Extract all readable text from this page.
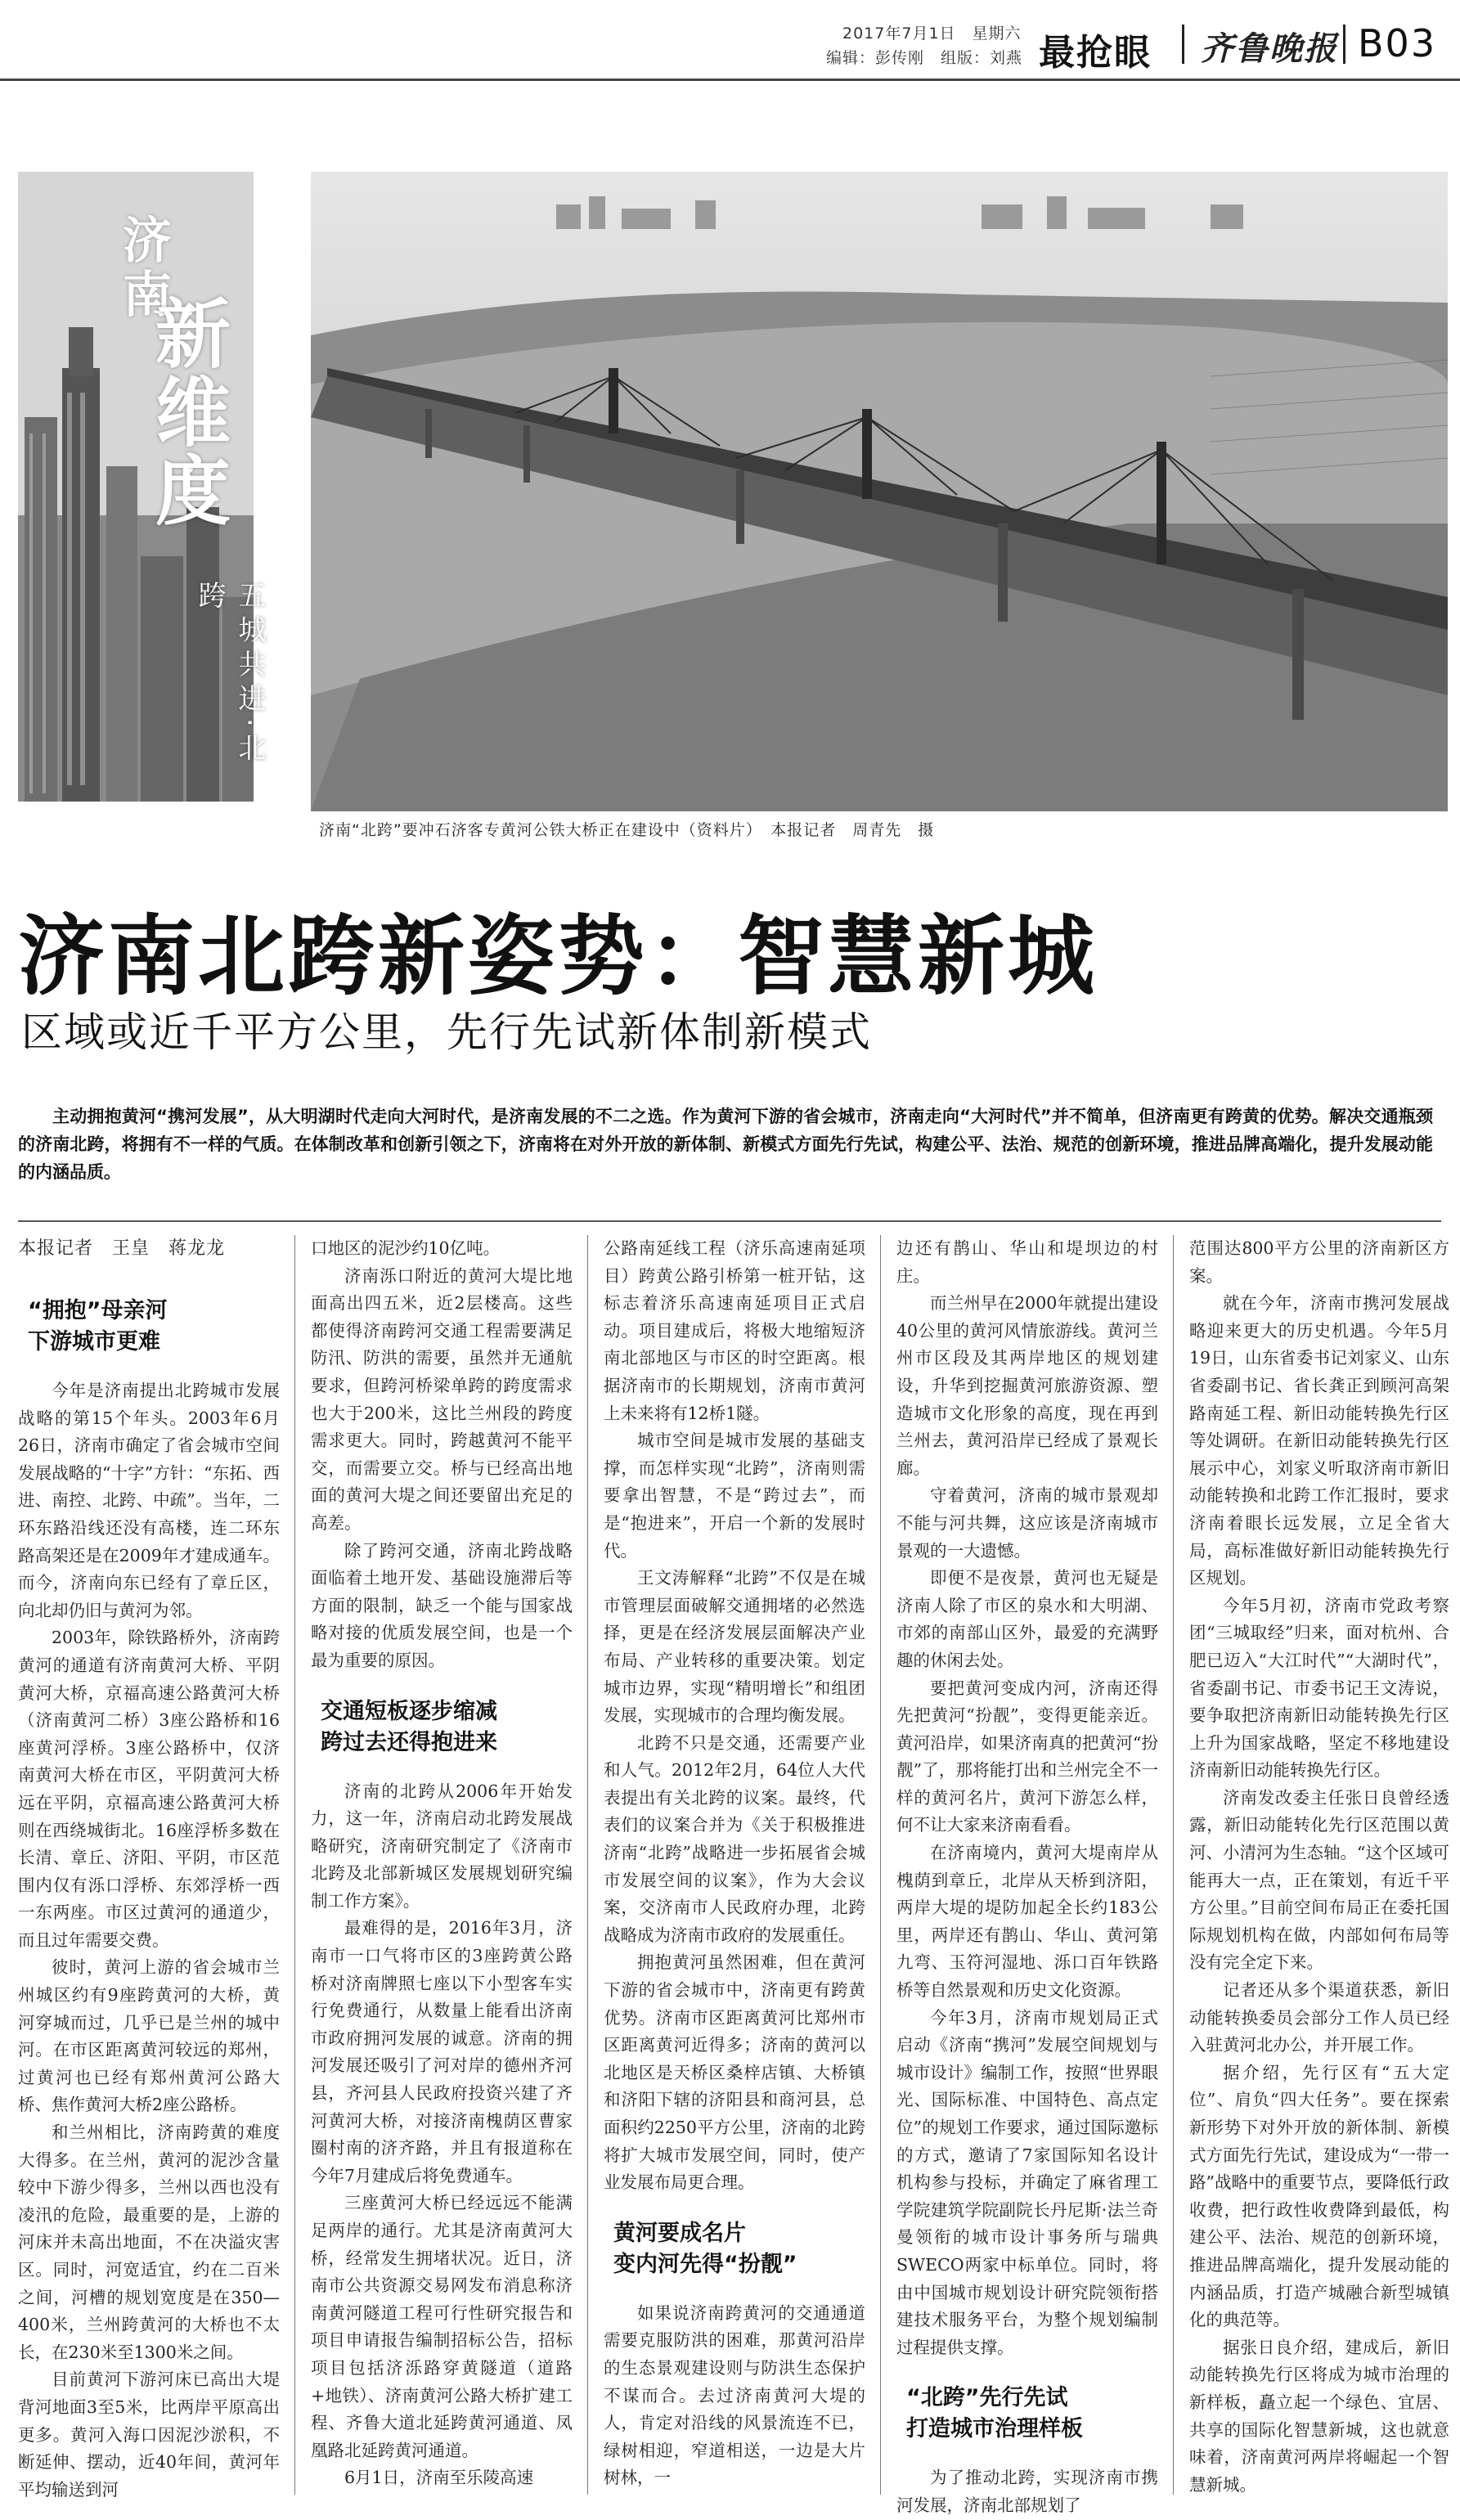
2017年7月1日　星期六
编辑：彭传刚　组版：刘燕 最抢眼 齐鲁晚报 B03
济南
新维度
五城共进·北跨
济南“北跨”要冲石济客专黄河公铁大桥正在建设中（资料片）　本报记者　周青先　摄
济南北跨新姿势：智慧新城
区域或近千平方公里，先行先试新体制新模式
主动拥抱黄河“携河发展”，从大明湖时代走向大河时代，是济南发展的不二之选。作为黄河下游的省会城市，济南走向“大河时代”并不简单，但济南更有跨黄的优势。解决交通瓶颈的济南北跨，将拥有不一样的气质。在体制改革和创新引领之下，济南将在对外开放的新体制、新模式方面先行先试，构建公平、法治、规范的创新环境，推进品牌高端化，提升发展动能的内涵品质。
本报记者　王皇　蒋龙龙
“拥抱”母亲河
下游城市更难

今年是济南提出北跨城市发展战略的第15个年头。2003年6月26日，济南市确定了省会城市空间发展战略的“十字”方针：“东拓、西进、南控、北跨、中疏”。当年，二环东路沿线还没有高楼，连二环东路高架还是在2009年才建成通车。而今，济南向东已经有了章丘区，向北却仍旧与黄河为邻。

2003年，除铁路桥外，济南跨黄河的通道有济南黄河大桥、平阴黄河大桥，京福高速公路黄河大桥（济南黄河二桥）3座公路桥和16座黄河浮桥。3座公路桥中，仅济南黄河大桥在市区，平阴黄河大桥远在平阴，京福高速公路黄河大桥则在西绕城街北。16座浮桥多数在长清、章丘、济阳、平阴，市区范围内仅有泺口浮桥、东郊浮桥一西一东两座。市区过黄河的通道少，而且过年需要交费。

彼时，黄河上游的省会城市兰州城区约有9座跨黄河的大桥，黄河穿城而过，几乎已是兰州的城中河。在市区距离黄河较远的郑州，过黄河也已经有郑州黄河公路大桥、焦作黄河大桥2座公路桥。

和兰州相比，济南跨黄的难度大得多。在兰州，黄河的泥沙含量较中下游少得多，兰州以西也没有凌汛的危险，最重要的是，上游的河床并未高出地面，不在决溢灾害区。同时，河宽适宜，约在二百米之间，河槽的规划宽度是在350—400米，兰州跨黄河的大桥也不太长，在230米至1300米之间。

目前黄河下游河床已高出大堤背河地面3至5米，比两岸平原高出更多。黄河入海口因泥沙淤积，不断延伸、摆动，近40年间，黄河年平均输送到河

口地区的泥沙约10亿吨。

济南泺口附近的黄河大堤比地面高出四五米，近2层楼高。这些都使得济南跨河交通工程需要满足防汛、防洪的需要，虽然并无通航要求，但跨河桥梁单跨的跨度需求也大于200米，这比兰州段的跨度需求更大。同时，跨越黄河不能平交，而需要立交。桥与已经高出地面的黄河大堤之间还要留出充足的高差。

除了跨河交通，济南北跨战略面临着土地开发、基础设施滞后等方面的限制，缺乏一个能与国家战略对接的优质发展空间，也是一个最为重要的原因。

交通短板逐步缩减
跨过去还得抱进来

济南的北跨从2006年开始发力，这一年，济南启动北跨发展战略研究，济南研究制定了《济南市北跨及北部新城区发展规划研究编制工作方案》。

最难得的是，2016年3月，济南市一口气将市区的3座跨黄公路桥对济南牌照七座以下小型客车实行免费通行，从数量上能看出济南市政府拥河发展的诚意。济南的拥河发展还吸引了河对岸的德州齐河县，齐河县人民政府投资兴建了齐河黄河大桥，对接济南槐荫区曹家圈村南的济齐路，并且有报道称在今年7月建成后将免费通车。

三座黄河大桥已经远远不能满足两岸的通行。尤其是济南黄河大桥，经常发生拥堵状况。近日，济南市公共资源交易网发布消息称济南黄河隧道工程可行性研究报告和项目申请报告编制招标公告，招标项目包括济泺路穿黄隧道（道路+地铁）、济南黄河公路大桥扩建工程、齐鲁大道北延跨黄河通道、凤凰路北延跨黄河通道。

6月1日，济南至乐陵高速

公路南延线工程（济乐高速南延项目）跨黄公路引桥第一桩开钻，这标志着济乐高速南延项目正式启动。项目建成后，将极大地缩短济南北部地区与市区的时空距离。根据济南市的长期规划，济南市黄河上未来将有12桥1隧。

城市空间是城市发展的基础支撑，而怎样实现“北跨”，济南则需要拿出智慧，不是“跨过去”，而是“抱进来”，开启一个新的发展时代。

王文涛解释“北跨”不仅是在城市管理层面破解交通拥堵的必然选择，更是在经济发展层面解决产业布局、产业转移的重要决策。划定城市边界，实现“精明增长”和组团发展，实现城市的合理均衡发展。

北跨不只是交通，还需要产业和人气。2012年2月，64位人大代表提出有关北跨的议案。最终，代表们的议案合并为《关于积极推进济南“北跨”战略进一步拓展省会城市发展空间的议案》，作为大会议案，交济南市人民政府办理，北跨战略成为济南市政府的发展重任。

拥抱黄河虽然困难，但在黄河下游的省会城市中，济南更有跨黄优势。济南市区距离黄河比郑州市区距离黄河近得多；济南的黄河以北地区是天桥区桑梓店镇、大桥镇和济阳下辖的济阳县和商河县，总面积约2250平方公里，济南的北跨将扩大城市发展空间，同时，使产业发展布局更合理。

黄河要成名片
变内河先得“扮靓”

如果说济南跨黄河的交通通道需要克服防洪的困难，那黄河沿岸的生态景观建设则与防洪生态保护不谋而合。去过济南黄河大堤的人，肯定对沿线的风景流连不已，绿树相迎，窄道相送，一边是大片树林，一

边还有鹊山、华山和堤坝边的村庄。

而兰州早在2000年就提出建设40公里的黄河风情旅游线。黄河兰州市区段及其两岸地区的规划建设，升华到挖掘黄河旅游资源、塑造城市文化形象的高度，现在再到兰州去，黄河沿岸已经成了景观长廊。

守着黄河，济南的城市景观却不能与河共舞，这应该是济南城市景观的一大遗憾。

即便不是夜景，黄河也无疑是济南人除了市区的泉水和大明湖、市郊的南部山区外，最爱的充满野趣的休闲去处。

要把黄河变成内河，济南还得先把黄河“扮靓”，变得更能亲近。黄河沿岸，如果济南真的把黄河“扮靓”了，那将能打出和兰州完全不一样的黄河名片，黄河下游怎么样，何不让大家来济南看看。

在济南境内，黄河大堤南岸从槐荫到章丘，北岸从天桥到济阳，两岸大堤的堤防加起全长约183公里，两岸还有鹊山、华山、黄河第九弯、玉符河湿地、泺口百年铁路桥等自然景观和历史文化资源。

今年3月，济南市规划局正式启动《济南“携河”发展空间规划与城市设计》编制工作，按照“世界眼光、国际标准、中国特色、高点定位”的规划工作要求，通过国际邀标的方式，邀请了7家国际知名设计机构参与投标，并确定了麻省理工学院建筑学院副院长丹尼斯·法兰奇曼领衔的城市设计事务所与瑞典SWECO两家中标单位。同时，将由中国城市规划设计研究院领衔搭建技术服务平台，为整个规划编制过程提供支撑。

“北跨”先行先试
打造城市治理样板

为了推动北跨，实现济南市携河发展，济南北部规划了

范围达800平方公里的济南新区方案。

就在今年，济南市携河发展战略迎来更大的历史机遇。今年5月19日，山东省委书记刘家义、山东省委副书记、省长龚正到顾河高架路南延工程、新旧动能转换先行区等处调研。在新旧动能转换先行区展示中心，刘家义听取济南市新旧动能转换和北跨工作汇报时，要求济南着眼长远发展，立足全省大局，高标准做好新旧动能转换先行区规划。

今年5月初，济南市党政考察团“三城取经”归来，面对杭州、合肥已迈入“大江时代”“大湖时代”，省委副书记、市委书记王文涛说，要争取把济南新旧动能转换先行区上升为国家战略，坚定不移地建设济南新旧动能转换先行区。

济南发改委主任张日良曾经透露，新旧动能转化先行区范围以黄河、小清河为生态轴。“这个区域可能再大一点，正在策划，有近千平方公里。”目前空间布局正在委托国际规划机构在做，内部如何布局等没有完全定下来。

记者还从多个渠道获悉，新旧动能转换委员会部分工作人员已经入驻黄河北办公，并开展工作。

据介绍，先行区有“五大定位”、肩负“四大任务”。要在探索新形势下对外开放的新体制、新模式方面先行先试，建设成为“一带一路”战略中的重要节点，要降低行政收费，把行政性收费降到最低，构建公平、法治、规范的创新环境，推进品牌高端化，提升发展动能的内涵品质，打造产城融合新型城镇化的典范等。

据张日良介绍，建成后，新旧动能转换先行区将成为城市治理的新样板，矗立起一个绿色、宜居、共享的国际化智慧新城，这也就意味着，济南黄河两岸将崛起一个智慧新城。
